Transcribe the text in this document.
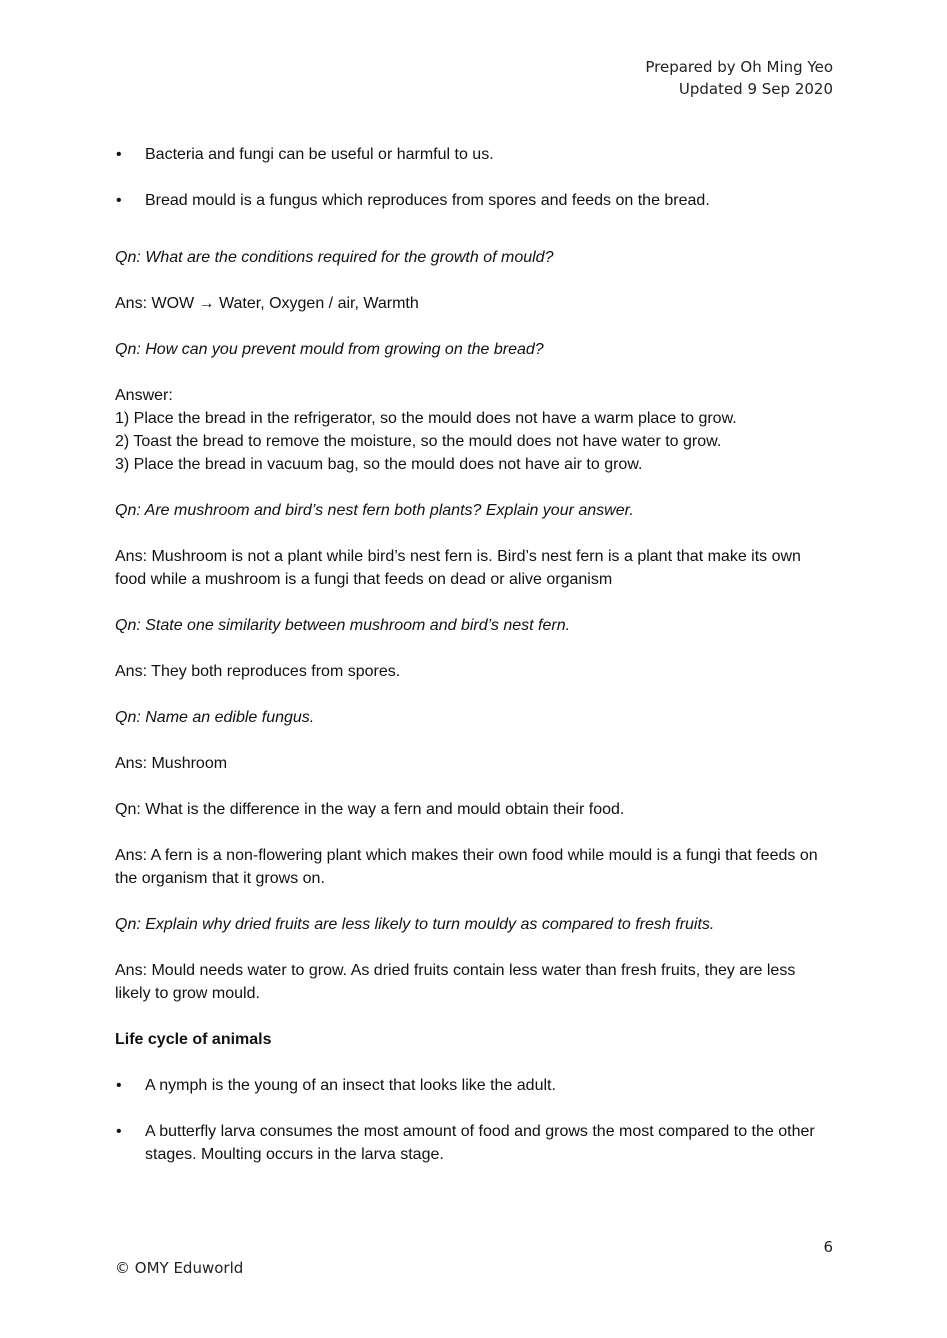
Prepared by Oh Ming Yeo
Updated 9 Sep 2020
•	Bacteria and fungi can be useful or harmful to us.
•	Bread mould is a fungus which reproduces from spores and feeds on the bread.

Qn: What are the conditions required for the growth of mould?

Ans: WOW → Water, Oxygen / air, Warmth

Qn: How can you prevent mould from growing on the bread?

Answer:
1) Place the bread in the refrigerator, so the mould does not have a warm place to grow.
2) Toast the bread to remove the moisture, so the mould does not have water to grow.
3) Place the bread in vacuum bag, so the mould does not have air to grow.

Qn: Are mushroom and bird’s nest fern both plants? Explain your answer.

Ans: Mushroom is not a plant while bird’s nest fern is. Bird’s nest fern is a plant that make its own food while a mushroom is a fungi that feeds on dead or alive organism

Qn: State one similarity between mushroom and bird’s nest fern.

Ans: They both reproduces from spores.

Qn: Name an edible fungus.

Ans: Mushroom

Qn: What is the difference in the way a fern and mould obtain their food.

Ans: A fern is a non-flowering plant which makes their own food while mould is a fungi that feeds on the organism that it grows on.

Qn: Explain why dried fruits are less likely to turn mouldy as compared to fresh fruits.

Ans: Mould needs water to grow. As dried fruits contain less water than fresh fruits, they are less likely to grow mould.

Life cycle of animals

•	A nymph is the young of an insect that looks like the adult.
•	A butterfly larva consumes the most amount of food and grows the most compared to the other stages. Moulting occurs in the larva stage.
6
© OMY Eduworld
